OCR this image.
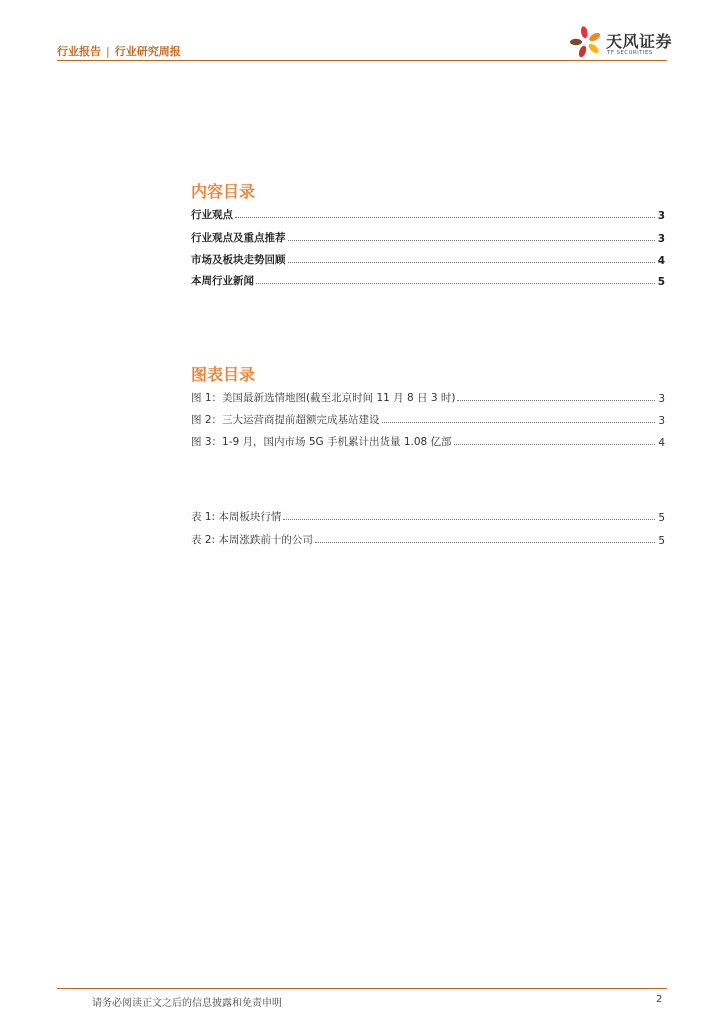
行业报告 | 行业研究周报
天风证券
TF SECURITIES
内容目录
行业观点	3
行业观点及重点推荐	3
市场及板块走势回顾	4
本周行业新闻	5
图表目录
图 1：美国最新选情地图(截至北京时间 11 月 8 日 3 时)	3
图 2：三大运营商提前超额完成基站建设	3
图 3：1-9 月，国内市场 5G 手机累计出货量 1.08 亿部	4
表 1: 本周板块行情	5
表 2: 本周涨跌前十的公司	5
请务必阅读正文之后的信息披露和免责申明	2
